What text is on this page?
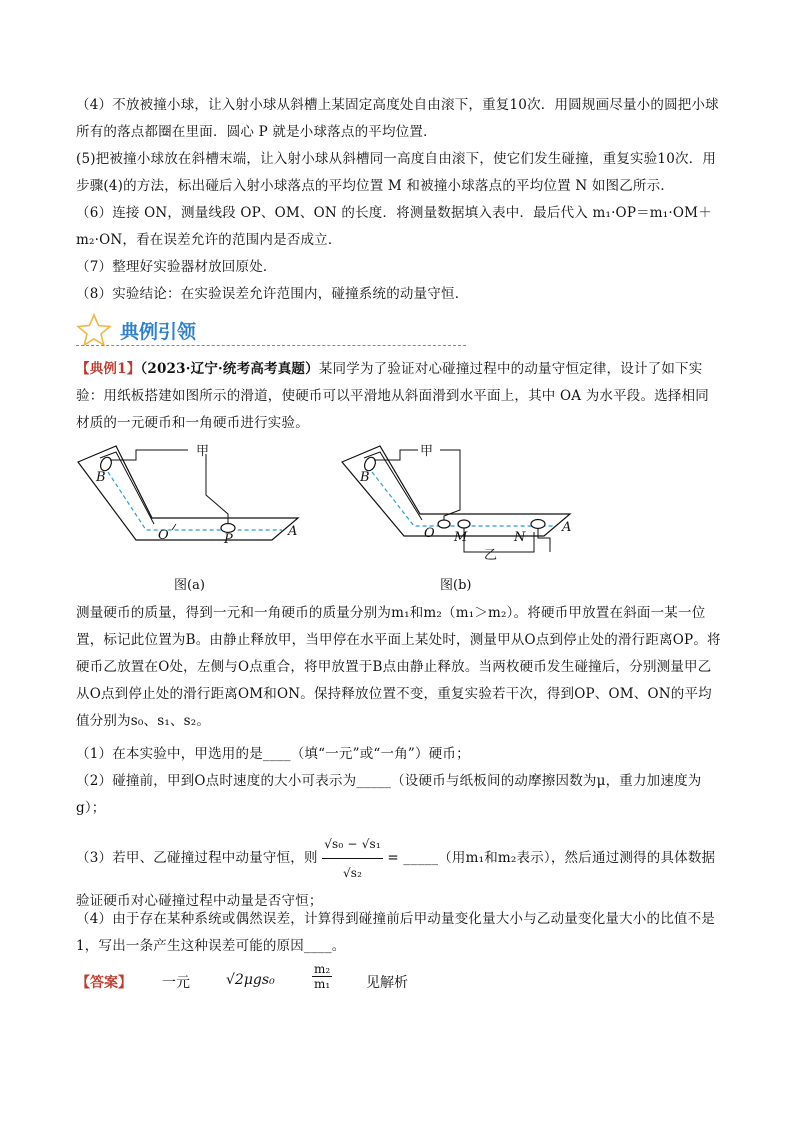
（4）不放被撞小球，让入射小球从斜槽上某固定高度处自由滚下，重复10次．用圆规画尽量小的圆把小球所有的落点都圈在里面．圆心 P 就是小球落点的平均位置．
(5)把被撞小球放在斜槽末端，让入射小球从斜槽同一高度自由滚下，使它们发生碰撞，重复实验10次．用步骤(4)的方法，标出碰后入射小球落点的平均位置 M 和被撞小球落点的平均位置 N 如图乙所示．
（6）连接 ON，测量线段 OP、OM、ON 的长度．将测量数据填入表中．最后代入 m₁·OP＝m₁·OM＋m₂·ON，看在误差允许的范围内是否成立．
（7）整理好实验器材放回原处．
（8）实验结论：在实验误差允许范围内，碰撞系统的动量守恒．
典例引领
【典例1】（2023·辽宁·统考高考真题）某同学为了验证对心碰撞过程中的动量守恒定律，设计了如下实验：用纸板搭建如图所示的滑道，使硬币可以平滑地从斜面滑到水平面上，其中 OA 为水平段。选择相同材质的一元硬币和一角硬币进行实验。
甲
B
O	P
A
图(a)
甲
B
O M	N
A
乙
图(b)
测量硬币的质量，得到一元和一角硬币的质量分别为m₁和m₂（m₁＞m₂）。将硬币甲放置在斜面一某一位置，标记此位置为B。由静止释放甲，当甲停在水平面上某处时，测量甲从O点到停止处的滑行距离OP。将硬币乙放置在O处，左侧与O点重合，将甲放置于B点由静止释放。当两枚硬币发生碰撞后，分别测量甲乙从O点到停止处的滑行距离OM和ON。保持释放位置不变，重复实验若干次，得到OP、OM、ON的平均值分别为s₀、s₁、s₂。
（1）在本实验中，甲选用的是____（填“一元”或“一角”）硬币；
（2）碰撞前，甲到O点时速度的大小可表示为_____（设硬币与纸板间的动摩擦因数为μ，重力加速度为g）；
（3）若甲、乙碰撞过程中动量守恒，则 $\frac{\text{√s₀ − √s₁}}{\text{√s₂}}$ = _____（用m₁和m₂表示），然后通过测得的具体数据验证硬币对心碰撞过程中动量是否守恒；
（4）由于存在某种系统或偶然误差，计算得到碰撞前后甲动量变化量大小与乙动量变化量大小的比值不是1，写出一条产生这种误差可能的原因____。
【答案】 一元	√2μgs₀	$\frac{\text{m₂}}{\text{m₁}}$ 见解析
